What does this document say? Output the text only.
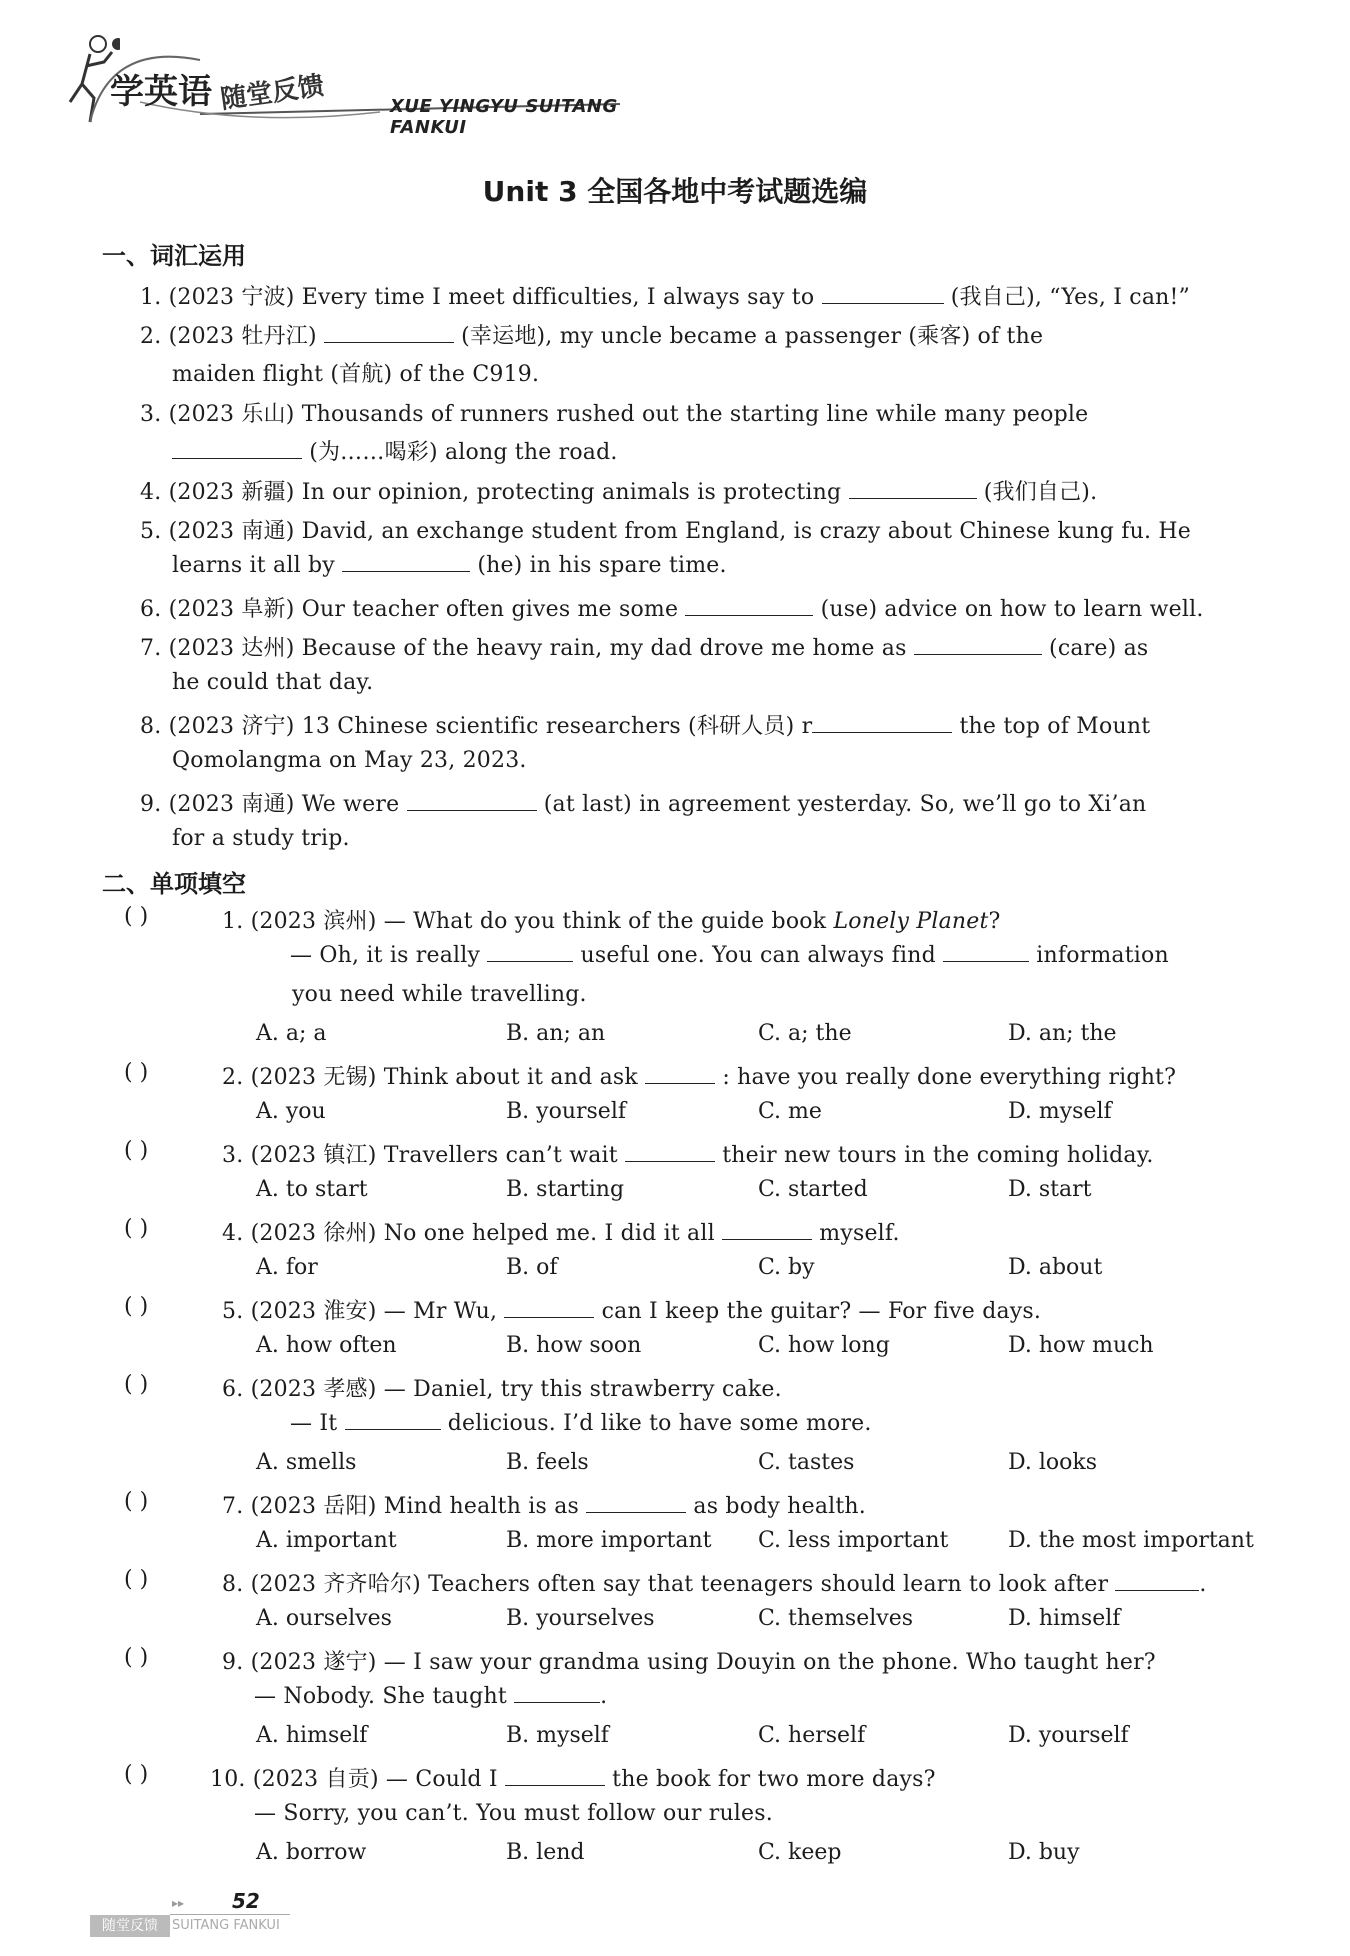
学英语 随堂反馈	XUE YINGYU SUITANG FANKUI
Unit 3 全国各地中考试题选编
一、词汇运用
1. (2023 宁波) Every time I meet difficulties, I always say to	(我自己), “Yes, I can!”
2. (2023 牡丹江)	(幸运地), my uncle became a passenger (乘客) of the
maiden flight (首航) of the C919.
3. (2023 乐山) Thousands of runners rushed out the starting line while many people
(为……喝彩) along the road.
4. (2023 新疆) In our opinion, protecting animals is protecting	(我们自己).
5. (2023 南通) David, an exchange student from England, is crazy about Chinese kung fu. He
learns it all by	(he) in his spare time.
6. (2023 阜新) Our teacher often gives me some	(use) advice on how to learn well.
7. (2023 达州) Because of the heavy rain, my dad drove me home as	(care) as
he could that day.
8. (2023 济宁) 13 Chinese scientific researchers (科研人员) r	the top of Mount
Qomolangma on May 23, 2023.
9. (2023 南通) We were	(at last) in agreement yesterday. So, we’ll go to Xi’an
for a study trip.
二、单项填空
( )	1. (2023 滨州) — What do you think of the guide book Lonely Planet?
— Oh, it is really	useful one. You can always find	information
you need while travelling.
A. a; a	B. an; an	C. a; the	D. an; the
( )	2. (2023 无锡) Think about it and ask	: have you really done everything right?
A. you	B. yourself	C. me	D. myself
( )	3. (2023 镇江) Travellers can’t wait	their new tours in the coming holiday.
A. to start	B. starting	C. started	D. start
( )	4. (2023 徐州) No one helped me. I did it all	myself.
A. for	B. of	C. by	D. about
( )	5. (2023 淮安) — Mr Wu,	can I keep the guitar? — For five days.
A. how often	B. how soon	C. how long	D. how much
( )	6. (2023 孝感) — Daniel, try this strawberry cake.
— It	delicious. I’d like to have some more.
A. smells	B. feels	C. tastes	D. looks
( )	7. (2023 岳阳) Mind health is as	as body health.
A. important	B. more important C. less important	D. the most important
( )	8. (2023 齐齐哈尔) Teachers often say that teenagers should learn to look after	.
A. ourselves	B. yourselves	C. themselves	D. himself
( )	9. (2023 遂宁) — I saw your grandma using Douyin on the phone. Who taught her?
— Nobody. She taught	.
A. himself	B. myself	C. herself	D. yourself
( )	10. (2023 自贡) — Could I	the book for two more days?
— Sorry, you can’t. You must follow our rules.
A. borrow	B. lend	C. keep	D. buy
▸▸ 52
随堂反馈	SUITANG FANKUI
